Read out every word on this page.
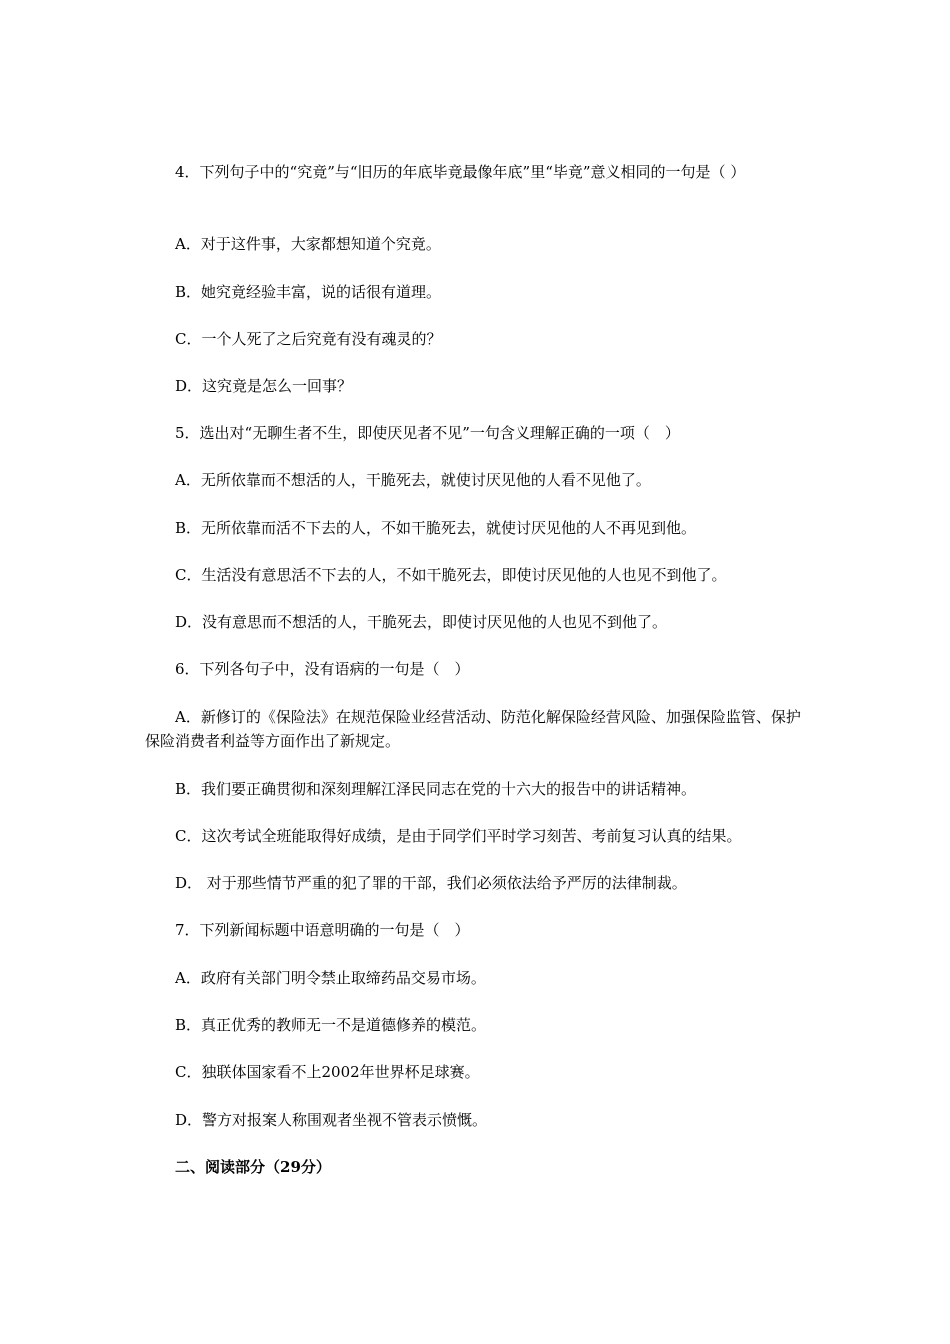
4．下列句子中的“究竟”与“旧历的年底毕竟最像年底”里“毕竟”意义相同的一句是（ ）
A．对于这件事，大家都想知道个究竟。
B．她究竟经验丰富，说的话很有道理。
C．一个人死了之后究竟有没有魂灵的？
D．这究竟是怎么一回事？
5．选出对“无聊生者不生，即使厌见者不见”一句含义理解正确的一项（　）
A．无所依靠而不想活的人，干脆死去，就使讨厌见他的人看不见他了。
B．无所依靠而活不下去的人，不如干脆死去，就使讨厌见他的人不再见到他。
C．生活没有意思活不下去的人，不如干脆死去，即使讨厌见他的人也见不到他了。
D．没有意思而不想活的人，干脆死去，即使讨厌见他的人也见不到他了。
6．下列各句子中，没有语病的一句是（　）
A．新修订的《保险法》在规范保险业经营活动、防范化解保险经营风险、加强保险监管、保护保险消费者利益等方面作出了新规定。
B．我们要正确贯彻和深刻理解江泽民同志在党的十六大的报告中的讲话精神。
C．这次考试全班能取得好成绩，是由于同学们平时学习刻苦、考前复习认真的结果。
D． 对于那些情节严重的犯了罪的干部，我们必须依法给予严厉的法律制裁。
7．下列新闻标题中语意明确的一句是（　）
A．政府有关部门明令禁止取缔药品交易市场。
B．真正优秀的教师无一不是道德修养的模范。
C．独联体国家看不上2002年世界杯足球赛。
D．警方对报案人称围观者坐视不管表示愤慨。
二、阅读部分（29分）
